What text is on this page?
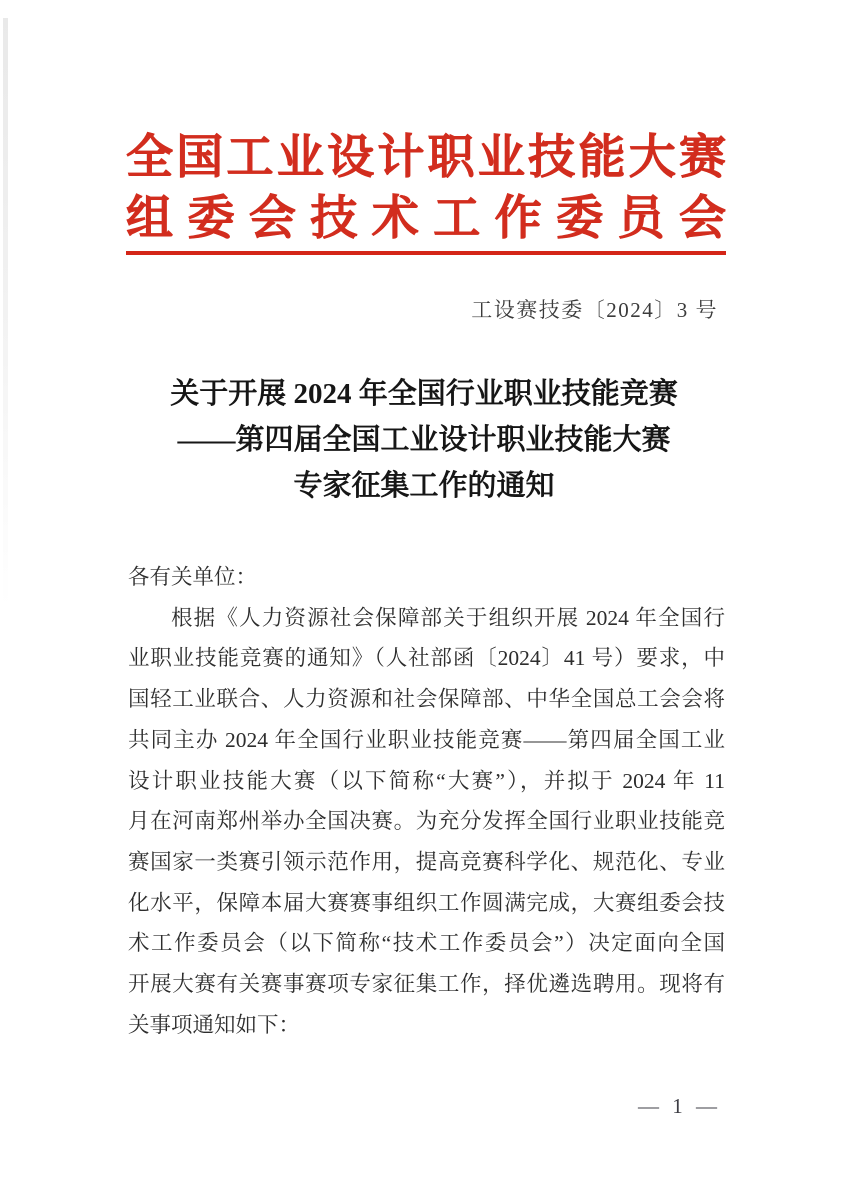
全国工业设计职业技能大赛
组委会技术工作委员会
工设赛技委〔2024〕3 号
关于开展 2024 年全国行业职业技能竞赛
——第四届全国工业设计职业技能大赛
专家征集工作的通知
各有关单位：
根据《人力资源社会保障部关于组织开展 2024 年全国行
业职业技能竞赛的通知》（人社部函〔2024〕41 号）要求，中
国轻工业联合、人力资源和社会保障部、中华全国总工会会将
共同主办 2024 年全国行业职业技能竞赛——第四届全国工业
设计职业技能大赛（以下简称“大赛”），并拟于 2024 年 11
月在河南郑州举办全国决赛。为充分发挥全国行业职业技能竞
赛国家一类赛引领示范作用，提高竞赛科学化、规范化、专业
化水平，保障本届大赛赛事组织工作圆满完成，大赛组委会技
术工作委员会（以下简称“技术工作委员会”）决定面向全国
开展大赛有关赛事赛项专家征集工作，择优遴选聘用。现将有
关事项通知如下：
— 1 —
